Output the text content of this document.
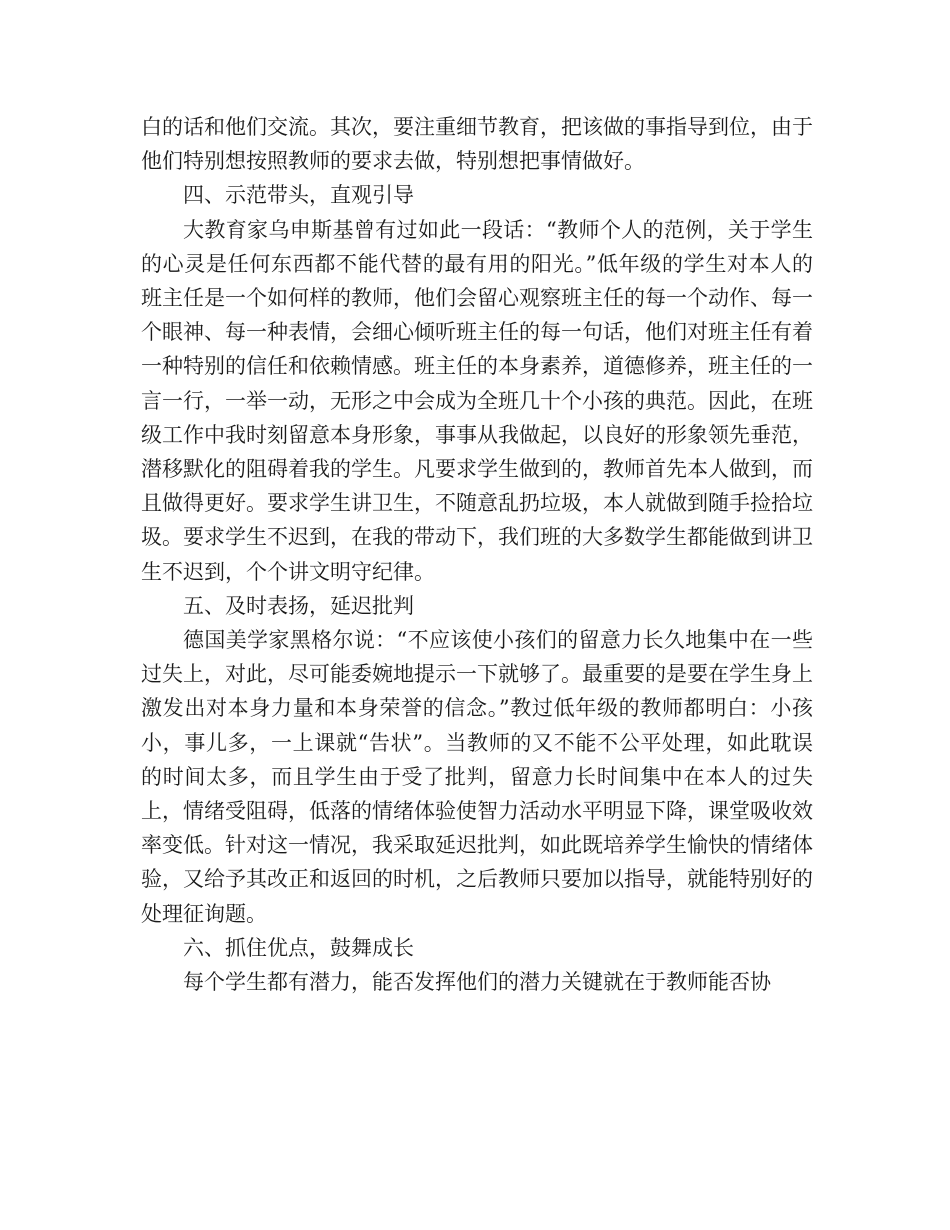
白的话和他们交流。其次，要注重细节教育，把该做的事指导到位，由于他们特别想按照教师的要求去做，特别想把事情做好。

四、示范带头，直观引导

大教育家乌申斯基曾有过如此一段话：“教师个人的范例，关于学生的心灵是任何东西都不能代替的最有用的阳光。”低年级的学生对本人的班主任是一个如何样的教师，他们会留心观察班主任的每一个动作、每一个眼神、每一种表情，会细心倾听班主任的每一句话，他们对班主任有着一种特别的信任和依赖情感。班主任的本身素养，道德修养，班主任的一言一行，一举一动，无形之中会成为全班几十个小孩的典范。因此，在班级工作中我时刻留意本身形象，事事从我做起，以良好的形象领先垂范，潜移默化的阻碍着我的学生。凡要求学生做到的，教师首先本人做到，而且做得更好。要求学生讲卫生，不随意乱扔垃圾，本人就做到随手捡拾垃圾。要求学生不迟到，在我的带动下，我们班的大多数学生都能做到讲卫生不迟到，个个讲文明守纪律。

五、及时表扬，延迟批判

德国美学家黑格尔说：“不应该使小孩们的留意力长久地集中在一些过失上，对此，尽可能委婉地提示一下就够了。最重要的是要在学生身上激发出对本身力量和本身荣誉的信念。”教过低年级的教师都明白：小孩小，事儿多，一上课就“告状”。当教师的又不能不公平处理，如此耽误的时间太多，而且学生由于受了批判，留意力长时间集中在本人的过失上，情绪受阻碍，低落的情绪体验使智力活动水平明显下降，课堂吸收效率变低。针对这一情况，我采取延迟批判，如此既培养学生愉快的情绪体验，又给予其改正和返回的时机，之后教师只要加以指导，就能特别好的处理征询题。

六、抓住优点，鼓舞成长

每个学生都有潜力，能否发挥他们的潜力关键就在于教师能否协
